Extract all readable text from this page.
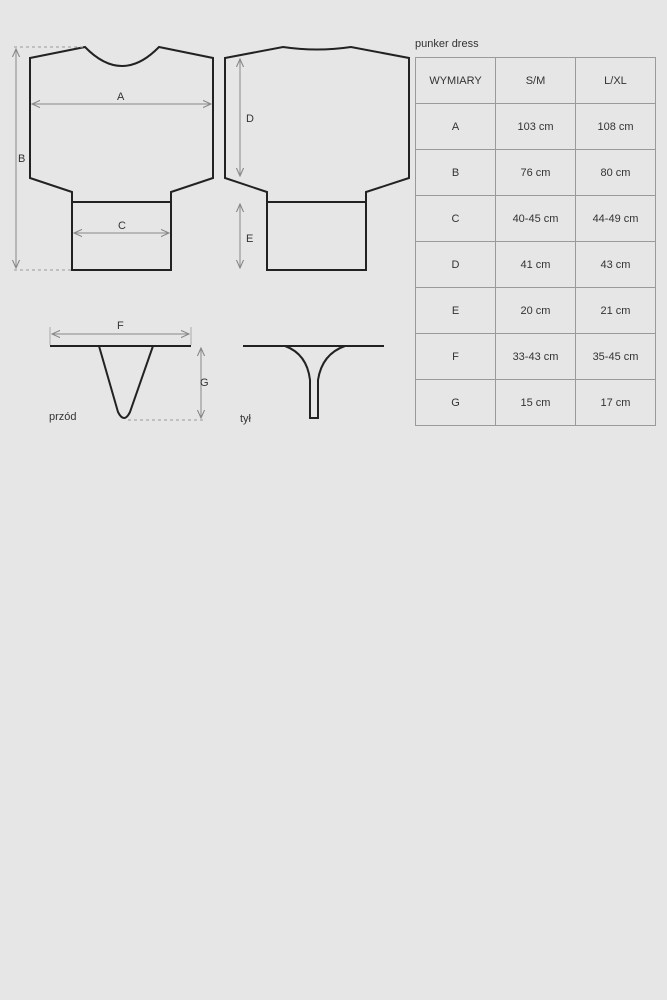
B
A
C
D
E
F
G
przód	tył
punker dress
WYMIARY	S/M	L/XL
A	103 cm	108 cm
B	76 cm	80 cm
C	40-45 cm	44-49 cm
D	41 cm	43 cm
E	20 cm	21 cm
F	33-43 cm	35-45 cm
G	15 cm	17 cm
